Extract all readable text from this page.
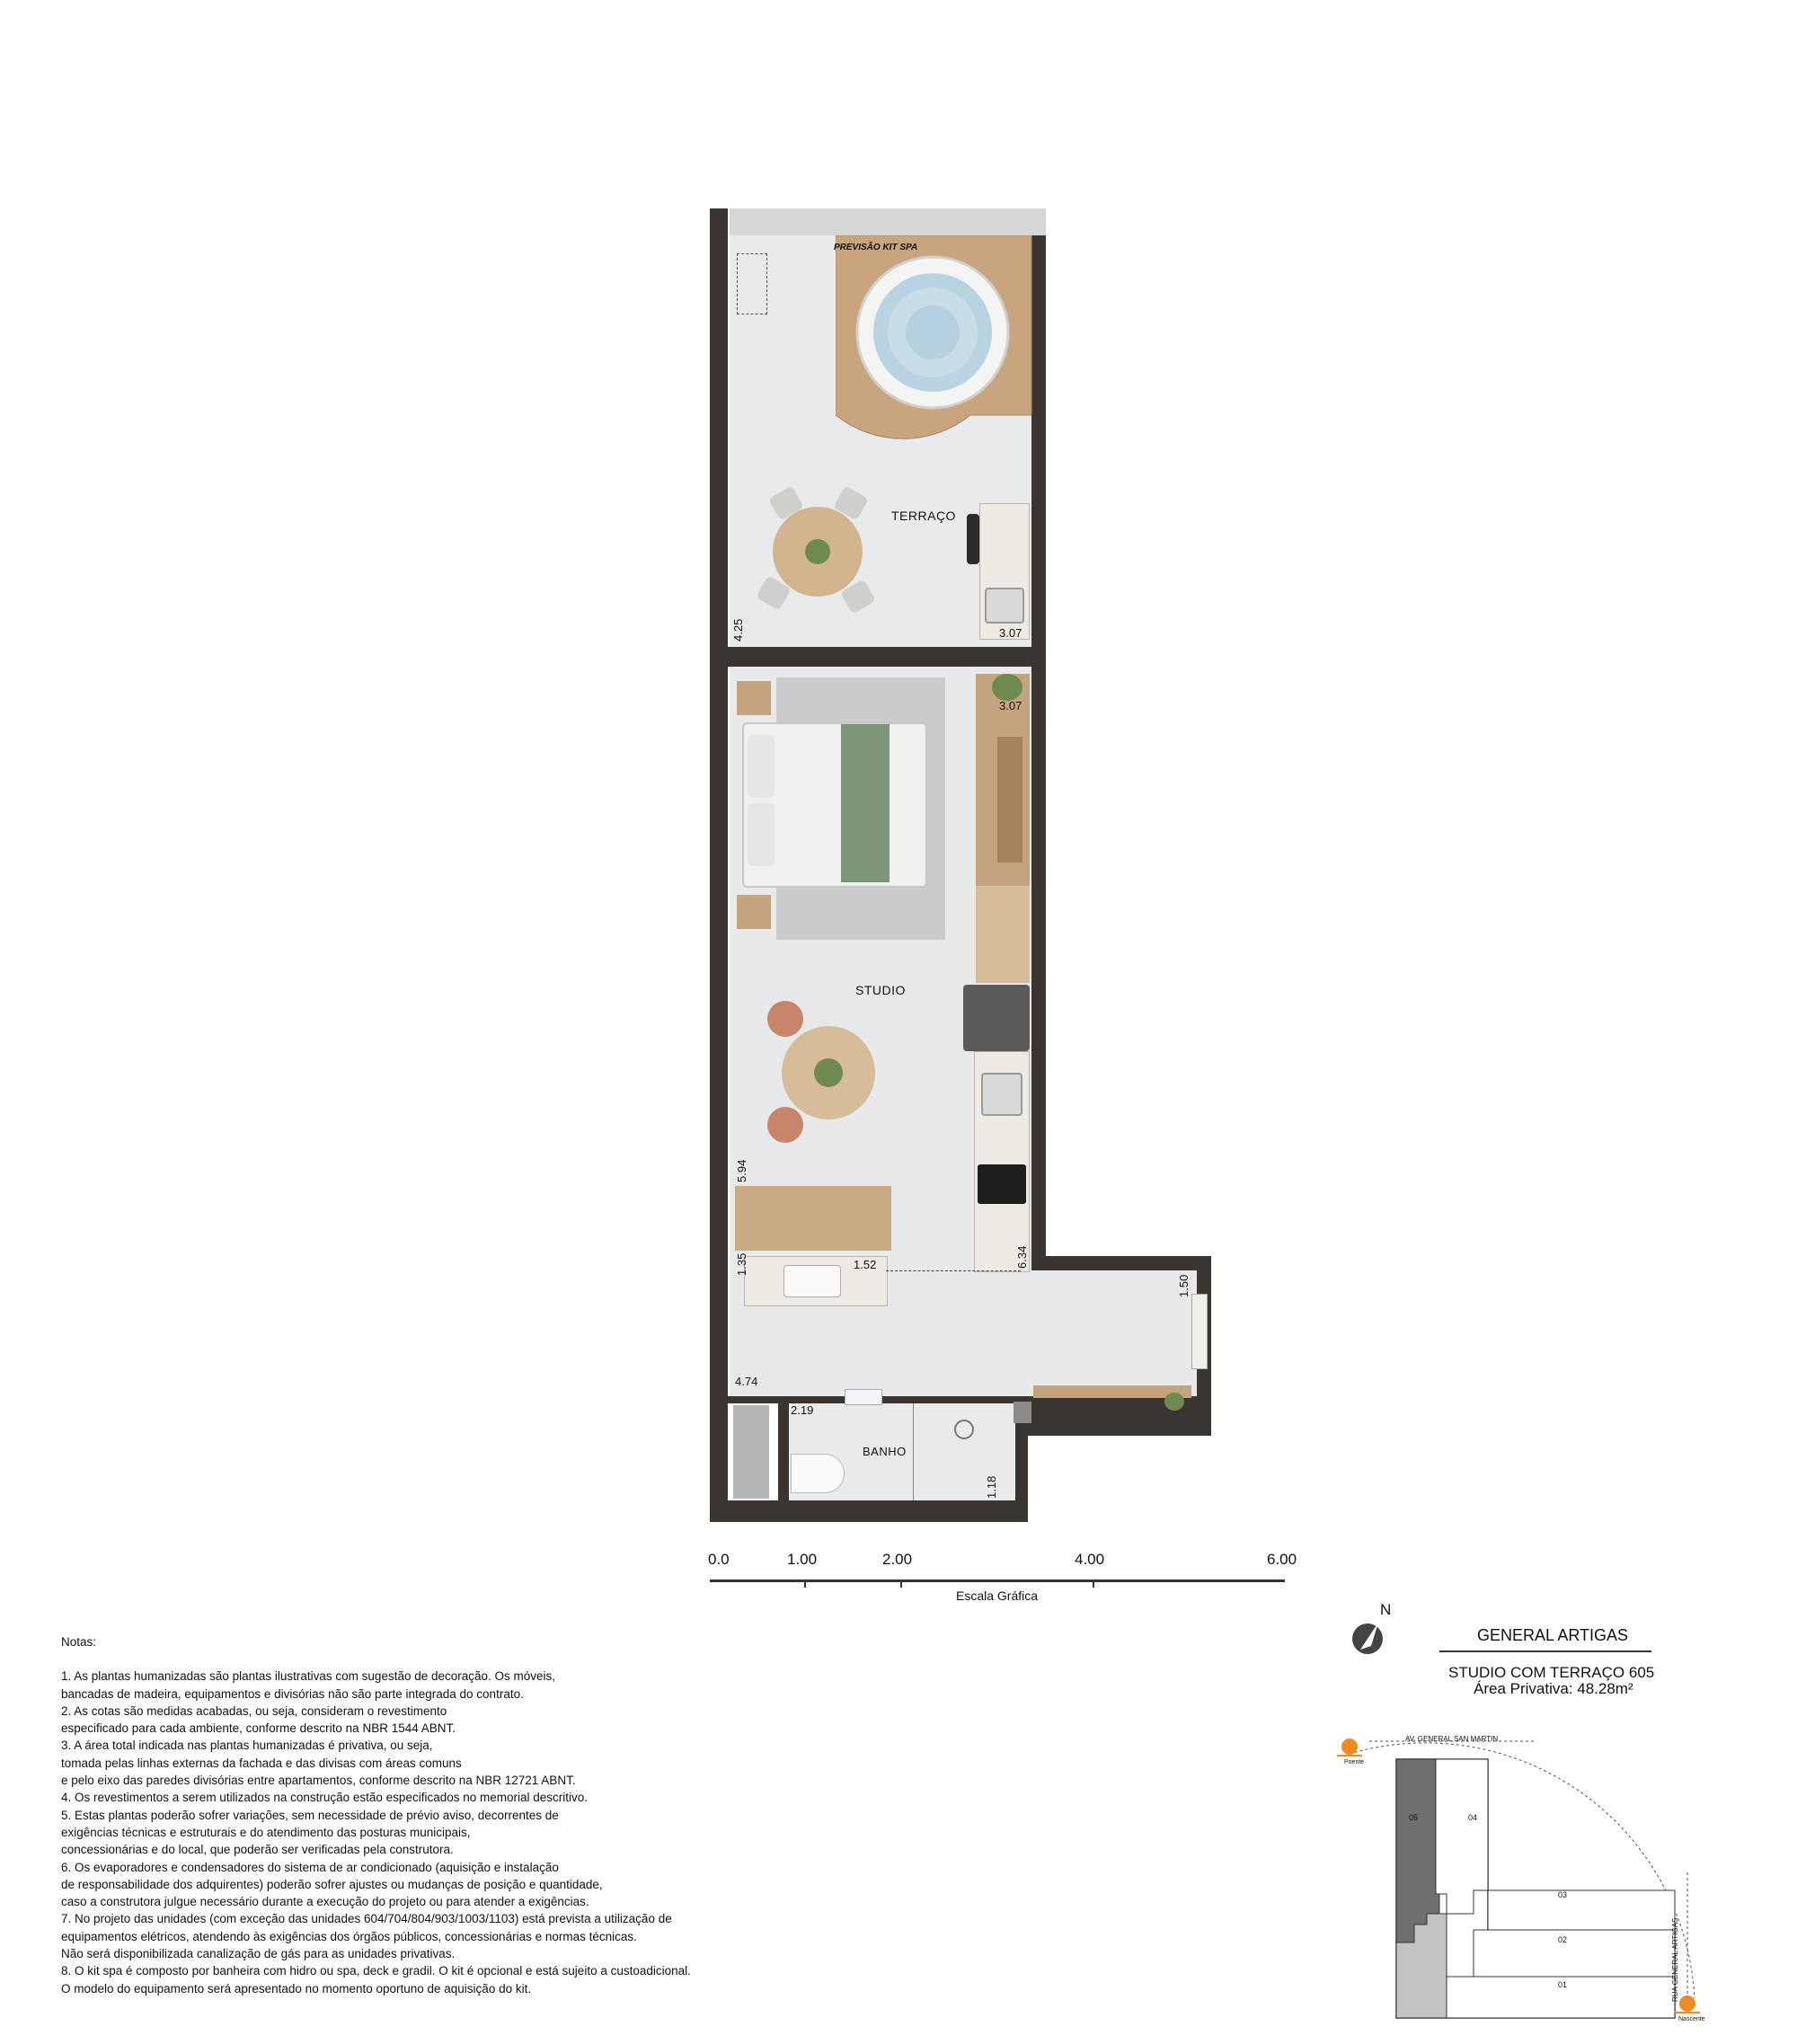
PREVISÃO KIT SPA
TERRAÇO
STUDIO
BANHO
4.25	3.07
3.07
5.94
6.34
1.35	1.52
1.50
4.74
2.19
1.18
0.0	1.00	2.00	4.00	6.00
Escala Gráfica
Notas:
1. As plantas humanizadas são plantas ilustrativas com sugestão de decoração. Os móveis,
bancadas de madeira, equipamentos e divisórias não são parte integrada do contrato.
2. As cotas são medidas acabadas, ou seja, consideram o revestimento
especificado para cada ambiente, conforme descrito na NBR 1544 ABNT.
3. A área total indicada nas plantas humanizadas é privativa, ou seja,
tomada pelas linhas externas da fachada e das divisas com áreas comuns
e pelo eixo das paredes divisórias entre apartamentos, conforme descrito na NBR 12721 ABNT.
4. Os revestimentos a serem utilizados na construção estão especificados no memorial descritivo.
5. Estas plantas poderão sofrer variações, sem necessidade de prévio aviso, decorrentes de
exigências técnicas e estruturais e do atendimento das posturas municipais,
concessionárias e do local, que poderão ser verificadas pela construtora.
6. Os evaporadores e condensadores do sistema de ar condicionado (aquisição e instalação
de responsabilidade dos adquirentes) poderão sofrer ajustes ou mudanças de posição e quantidade,
caso a construtora julgue necessário durante a execução do projeto ou para atender a exigências.
7. No projeto das unidades (com exceção das unidades 604/704/804/903/1003/1103) está prevista a utilização de
equipamentos elétricos, atendendo às exigências dos órgãos públicos, concessionárias e normas técnicas.
Não será disponibilizada canalização de gás para as unidades privativas.
8. O kit spa é composto por banheira com hidro ou spa, deck e gradil. O kit é opcional e está sujeito a custoadicional.
O modelo do equipamento será apresentado no momento oportuno de aquisição do kit.
N
GENERAL ARTIGAS
STUDIO COM TERRAÇO 605
Área Privativa: 48.28m²
AV. GENERAL SAN MARTIN
RUA GENERAL ARTIGAS
Poente
Nascente
05	04
03
02
01
